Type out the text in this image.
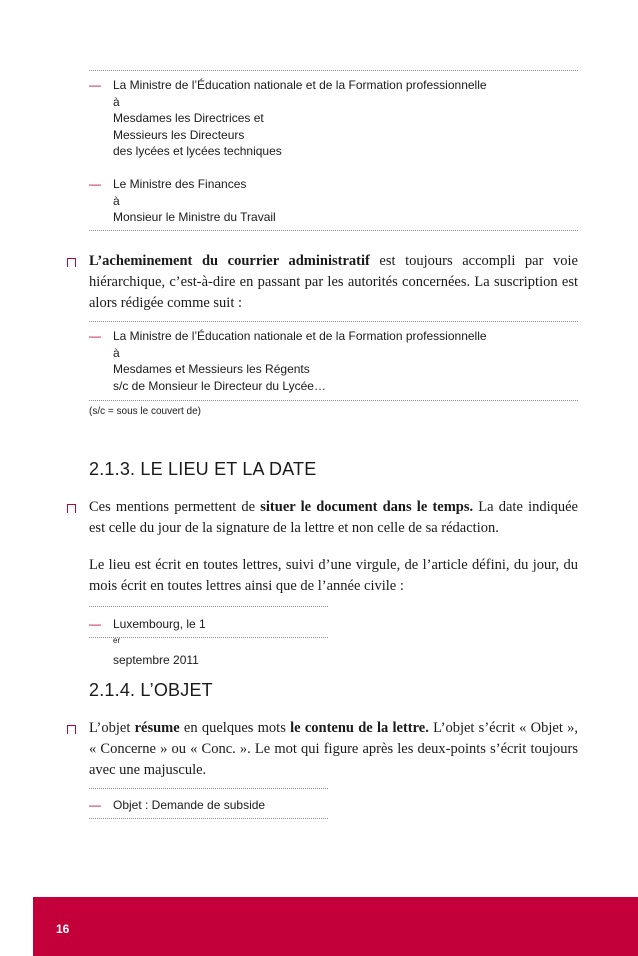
— La Ministre de l’Éducation nationale et de la Formation professionnelle
à
Mesdames les Directrices et
Messieurs les Directeurs
des lycées et lycées techniques
— Le Ministre des Finances
à
Monsieur le Ministre du Travail
L’acheminement du courrier administratif est toujours accompli par voie hiérarchique, c’est-à-dire en passant par les autorités concernées. La suscription est alors rédigée comme suit :
— La Ministre de l’Éducation nationale et de la Formation professionnelle
à
Mesdames et Messieurs les Régents
s/c de Monsieur le Directeur du Lycée…
(s/c = sous le couvert de)
2.1.3. LE LIEU ET LA DATE
Ces mentions permettent de situer le document dans le temps. La date indiquée est celle du jour de la signature de la lettre et non celle de sa rédaction.
Le lieu est écrit en toutes lettres, suivi d’une virgule, de l’article défini, du jour, du mois écrit en toutes lettres ainsi que de l’année civile :
— Luxembourg, le 1
$^{er}$
septembre 2011
2.1.4. L’OBJET
L’objet résume en quelques mots le contenu de la lettre. L’objet s’écrit « Objet », « Concerne » ou « Conc. ». Le mot qui figure après les deux-points s’écrit toujours avec une majuscule.
— Objet : Demande de subside
16
